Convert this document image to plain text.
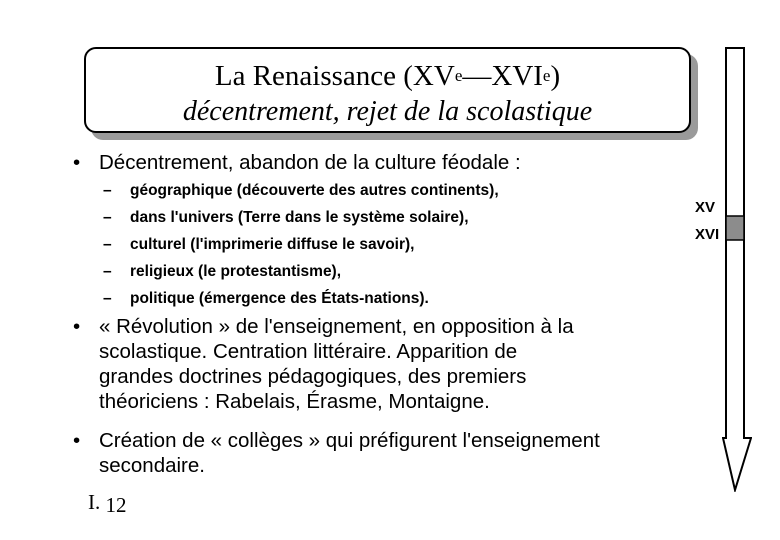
La Renaissance (XVe—XVIe)
décentrement, rejet de la scolastique
• Décentrement, abandon de la culture féodale :
– géographique (découverte des autres continents),
– dans l'univers (Terre dans le système solaire),
– culturel (l'imprimerie diffuse le savoir),
– religieux (le protestantisme),
– politique (émergence des États-nations).
• « Révolution » de l'enseignement, en opposition à la
scolastique. Centration littéraire. Apparition de
grandes doctrines pédagogiques, des premiers
théoriciens : Rabelais, Érasme, Montaigne.
• Création de « collèges » qui préfigurent l'enseignement
secondaire.
XV
XVI
I. 12
